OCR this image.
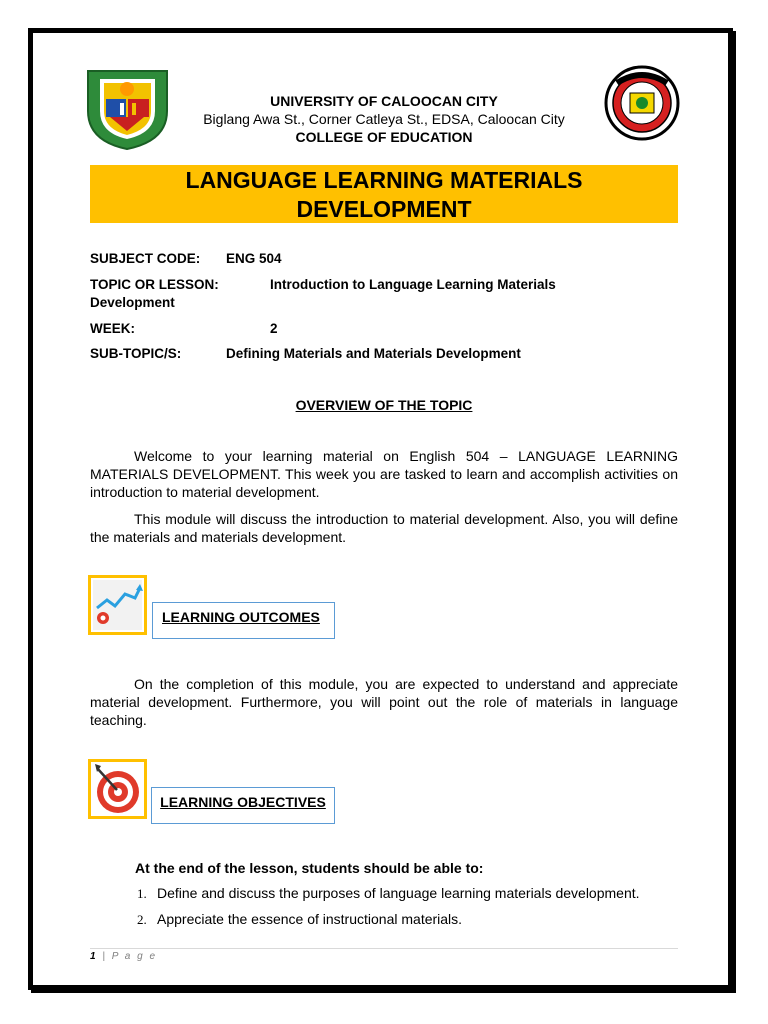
UNIVERSITY OF CALOOCAN CITY
Biglang Awa St., Corner Catleya St., EDSA, Caloocan City
COLLEGE OF EDUCATION
LANGUAGE LEARNING MATERIALS
DEVELOPMENT
SUBJECT CODE: ENG 504
TOPIC OR LESSON:	Introduction to Language Learning Materials
Development
WEEK:	2
SUB-TOPIC/S:	Defining Materials and Materials Development
OVERVIEW OF THE TOPIC

Welcome to your learning material on English 504 – LANGUAGE LEARNING MATERIALS DEVELOPMENT. This week you are tasked to learn and accomplish activities on introduction to material development.

This module will discuss the introduction to material development. Also, you will define the materials and materials development.

LEARNING OUTCOMES

On the completion of this module, you are expected to understand and appreciate material development. Furthermore, you will point out the role of materials in language teaching.

LEARNING OBJECTIVES
At the end of the lesson, students should be able to:
1. Define and discuss the purposes of language learning materials development.
2. Appreciate the essence of instructional materials.
1 | P a g e
